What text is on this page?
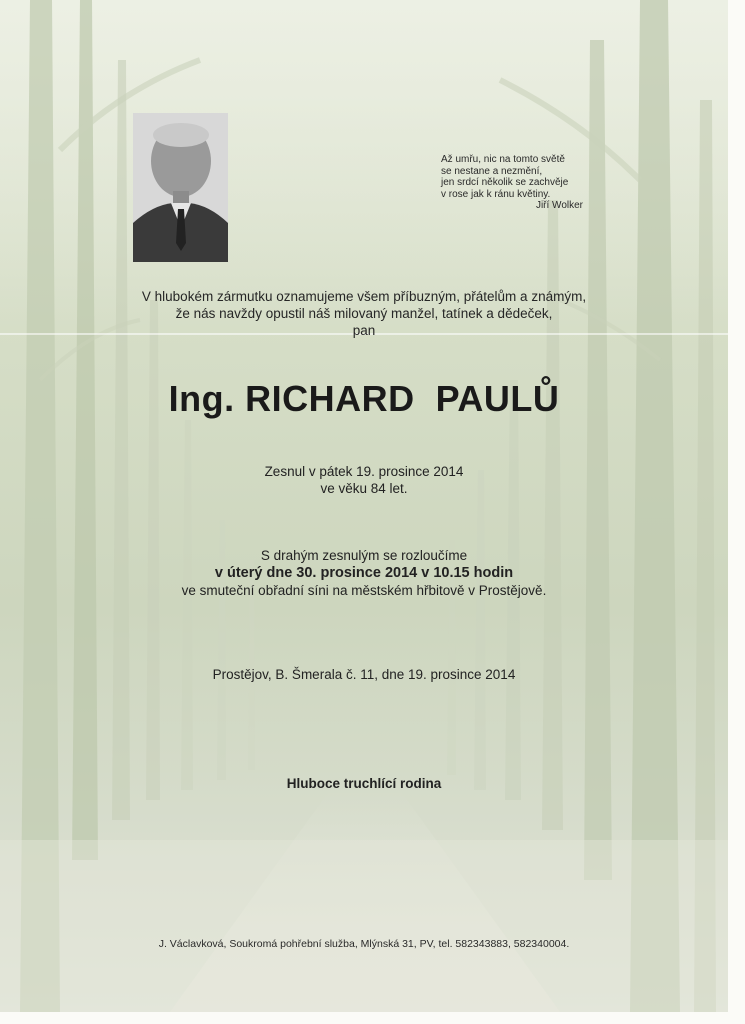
Až umřu, nic na tomto světě
se nestane a nezmění,
jen srdcí několik se zachvěje
v rose jak k ránu květiny.
Jiří Wolker
V hlubokém zármutku oznamujeme všem příbuzným, přátelům a známým,
že nás navždy opustil náš milovaný manžel, tatínek a dědeček,
pan
Ing. RICHARD  PAULŮ
Zesnul v pátek 19. prosince 2014
ve věku 84 let.
S drahým zesnulým se rozloučíme
v úterý dne 30. prosince 2014 v 10.15 hodin
ve smuteční obřadní síni na městském hřbitově v Prostějově.
Prostějov, B. Šmerala č. 11, dne 19. prosince 2014
Hluboce truchlící rodina
J. Václavková, Soukromá pohřební služba, Mlýnská 31, PV, tel. 582343883, 582340004.
